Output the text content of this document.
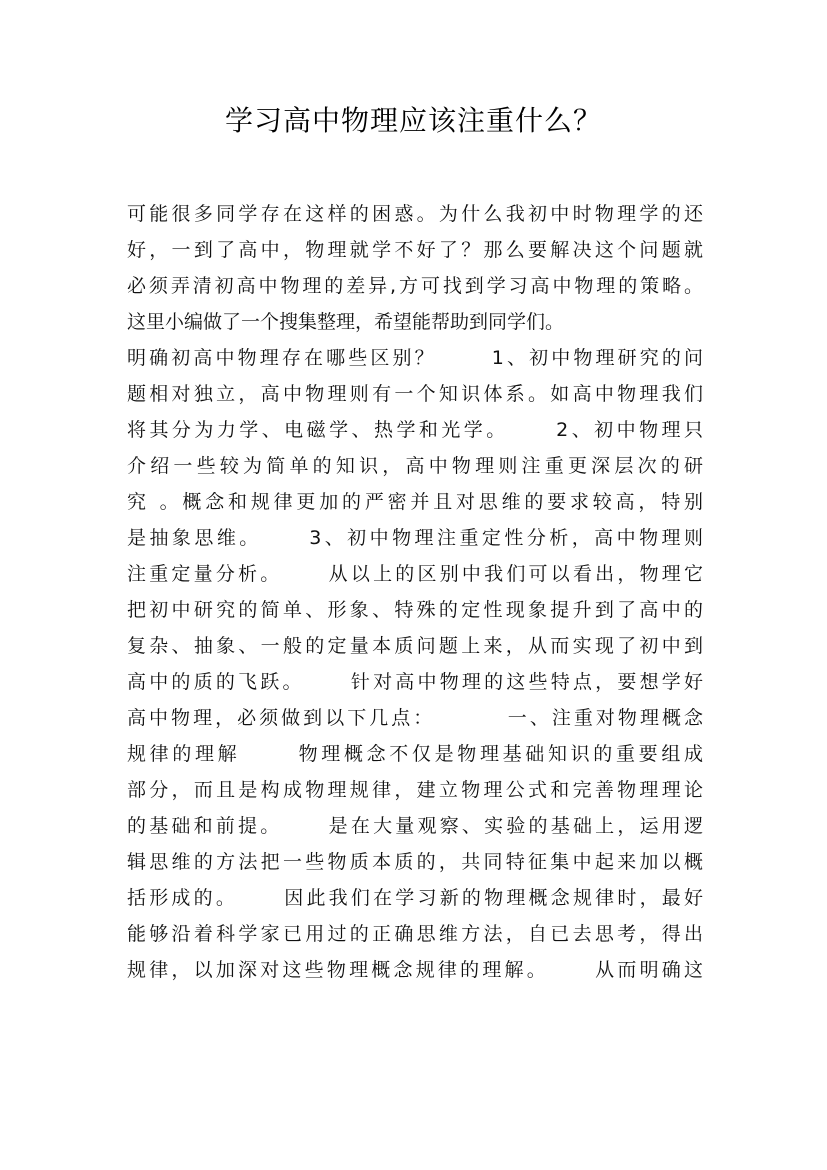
学习高中物理应该注重什么？
可能很多同学存在这样的困惑。为什么我初中时物理学的还
好，一到了高中，物理就学不好了？那么要解决这个问题就
必须弄清初高中物理的差异,方可找到学习高中物理的策略。
这里小编做了一个搜集整理，希望能帮助到同学们。
明确初高中物理存在哪些区别？      1、初中物理研究的问
题相对独立，高中物理则有一个知识体系。如高中物理我们
将其分为力学、电磁学、热学和光学。     2、初中物理只
介绍一些较为简单的知识，高中物理则注重更深层次的研
究 。概念和规律更加的严密并且对思维的要求较高，特别
是抽象思维。     3、初中物理注重定性分析，高中物理则
注重定量分析。     从以上的区别中我们可以看出，物理它
把初中研究的简单、形象、特殊的定性现象提升到了高中的
复杂、抽象、一般的定量本质问题上来，从而实现了初中到
高中的质的飞跃。     针对高中物理的这些特点，要想学好
高中物理，必须做到以下几点：        一、注重对物理概念
规律的理解      物理概念不仅是物理基础知识的重要组成
部分，而且是构成物理规律，建立物理公式和完善物理理论
的基础和前提。     是在大量观察、实验的基础上，运用逻
辑思维的方法把一些物质本质的，共同特征集中起来加以概
括形成的。     因此我们在学习新的物理概念规律时，最好
能够沿着科学家已用过的正确思维方法，自已去思考，得出
规律，以加深对这些物理概念规律的理解。     从而明确这
